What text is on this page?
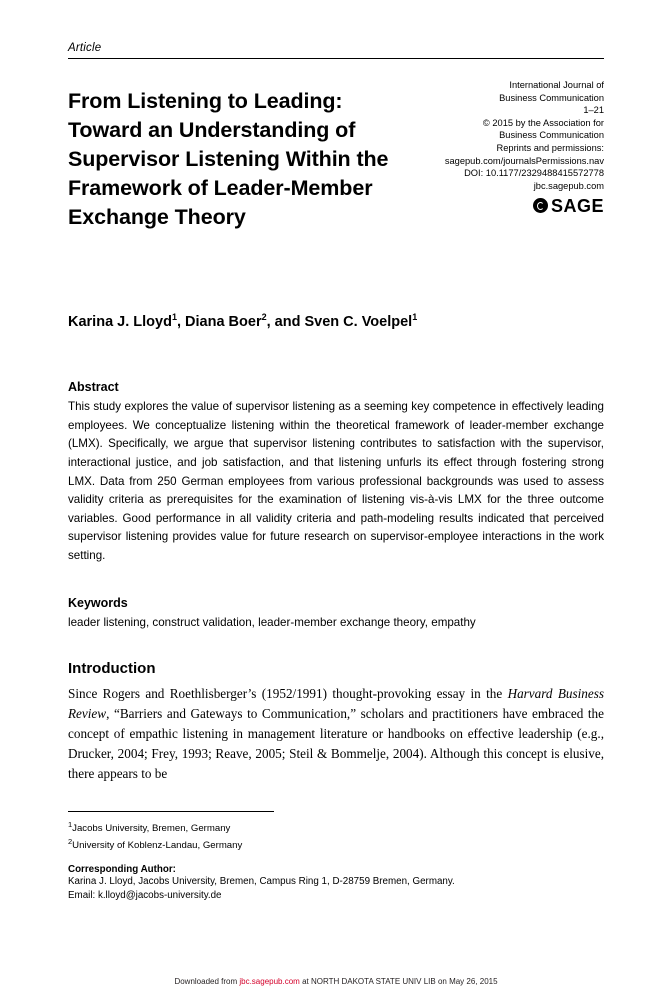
Article
From Listening to Leading: Toward an Understanding of Supervisor Listening Within the Framework of Leader-Member Exchange Theory
International Journal of
Business Communication
1–21
© 2015 by the Association for
Business Communication
Reprints and permissions:
sagepub.com/journalsPermissions.nav
DOI: 10.1177/2329488415572778
jbc.sagepub.com
SAGE
Karina J. Lloyd$^1$, Diana Boer$^2$, and Sven C. Voelpel$^1$
Abstract
This study explores the value of supervisor listening as a seeming key competence in effectively leading employees. We conceptualize listening within the theoretical framework of leader-member exchange (LMX). Specifically, we argue that supervisor listening contributes to satisfaction with the supervisor, interactional justice, and job satisfaction, and that listening unfurls its effect through fostering strong LMX. Data from 250 German employees from various professional backgrounds was used to assess validity criteria as prerequisites for the examination of listening vis-à-vis LMX for the three outcome variables. Good performance in all validity criteria and path-modeling results indicated that perceived supervisor listening provides value for future research on supervisor-employee interactions in the work setting.
Keywords
leader listening, construct validation, leader-member exchange theory, empathy
Introduction
Since Rogers and Roethlisberger’s (1952/1991) thought-provoking essay in the Harvard Business Review, “Barriers and Gateways to Communication,” scholars and practitioners have embraced the concept of empathic listening in management literature or handbooks on effective leadership (e.g., Drucker, 2004; Frey, 1993; Reave, 2005; Steil & Bommelje, 2004). Although this concept is elusive, there appears to be
$^1$Jacobs University, Bremen, Germany
$^2$University of Koblenz-Landau, Germany
Corresponding Author:
Karina J. Lloyd, Jacobs University, Bremen, Campus Ring 1, D-28759 Bremen, Germany.
Email: k.lloyd@jacobs-university.de
Downloaded from jbc.sagepub.com at NORTH DAKOTA STATE UNIV LIB on May 26, 2015
